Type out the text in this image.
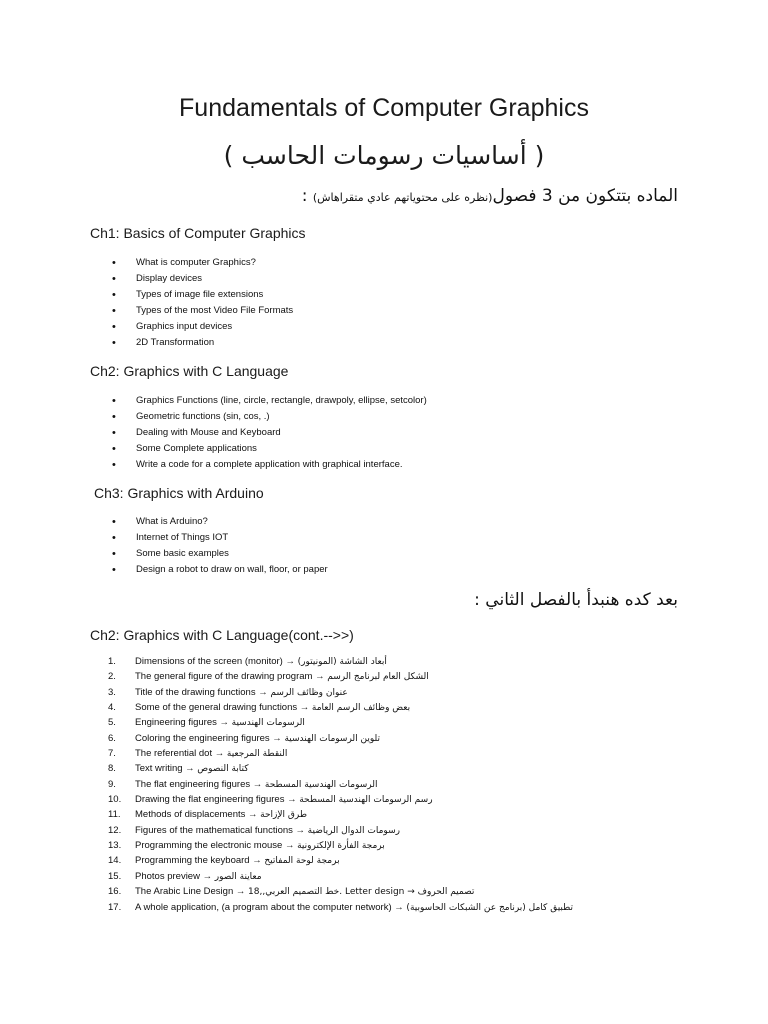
Fundamentals of Computer Graphics
( أساسيات رسومات الحاسب )
الماده بتتكون من 3 فصول(نظره على محتوياتهم عادي متقراهاش) :
Ch1: Basics of Computer Graphics
• What is computer Graphics?
• Display devices
• Types of image file extensions
• Types of the most Video File Formats
• Graphics input devices
• 2D Transformation
Ch2: Graphics with C Language
• Graphics Functions (line, circle, rectangle, drawpoly, ellipse, setcolor)
• Geometric functions (sin, cos, .)
• Dealing with Mouse and Keyboard
• Some Complete applications
• Write a code for a complete application with graphical interface.
Ch3: Graphics with Arduino
• What is Arduino?
• Internet of Things IOT
• Some basic examples
• Design a robot to draw on wall, floor, or paper
بعد كده هنبدأ بالفصل الثاني :
Ch2: Graphics with C Language(cont.-->>)
1. Dimensions of the screen (monitor) → أبعاد الشاشة (المونيتور)
2. The general figure of the drawing program → الشكل العام لبرنامج الرسم
3. Title of the drawing functions → عنوان وظائف الرسم
4. Some of the general drawing functions → بعض وظائف الرسم العامة
5. Engineering figures → الرسومات الهندسية
6. Coloring the engineering figures → تلوين الرسومات الهندسية
7. The referential dot → النقطة المرجعية
8. Text writing → كتابة النصوص
9. The flat engineering figures → الرسومات الهندسية المسطحة
10. Drawing the flat engineering figures → رسم الرسومات الهندسية المسطحة
11. Methods of displacements → طرق الإزاحة
12. Figures of the mathematical functions → رسومات الدوال الرياضية
13. Programming the electronic mouse → برمجة الفأرة الإلكترونية
14. Programming the keyboard → برمجة لوحة المفاتيح
15. Photos preview → معاينة الصور
16. The Arabic Line Design → خط التصميم العربي,,18. Letter design → تصميم الحروف
17. A whole application, (a program about the computer network) → (برنامج عن الشبكات الحاسوبية) تطبيق كامل
